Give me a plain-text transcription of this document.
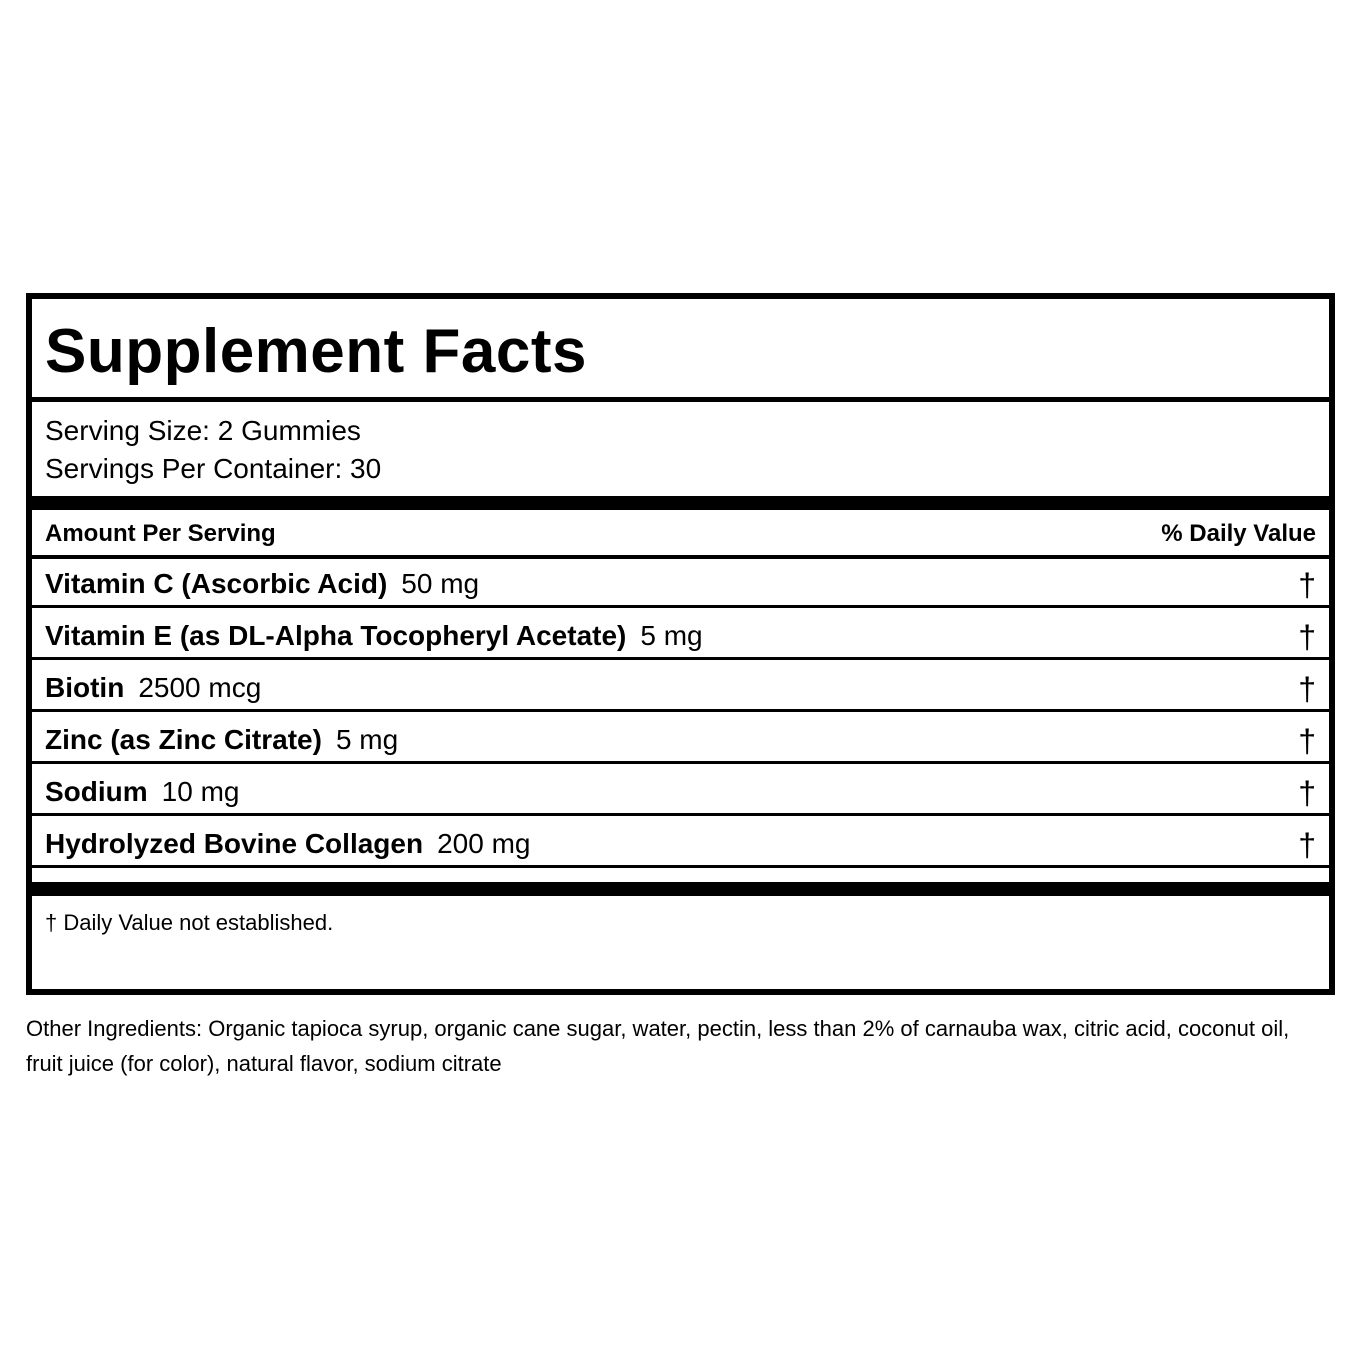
Supplement Facts
Serving Size: 2 Gummies
Servings Per Container: 30
Amount Per Serving	% Daily Value
Vitamin C (Ascorbic Acid) 50 mg	†
Vitamin E (as DL-Alpha Tocopheryl Acetate) 5 mg	†
Biotin 2500 mcg	†
Zinc (as Zinc Citrate) 5 mg	†
Sodium 10 mg	†
Hydrolyzed Bovine Collagen 200 mg	†
† Daily Value not established.
Other Ingredients: Organic tapioca syrup, organic cane sugar, water, pectin, less than 2% of carnauba wax, citric acid, coconut oil, fruit juice (for color), natural flavor, sodium citrate
